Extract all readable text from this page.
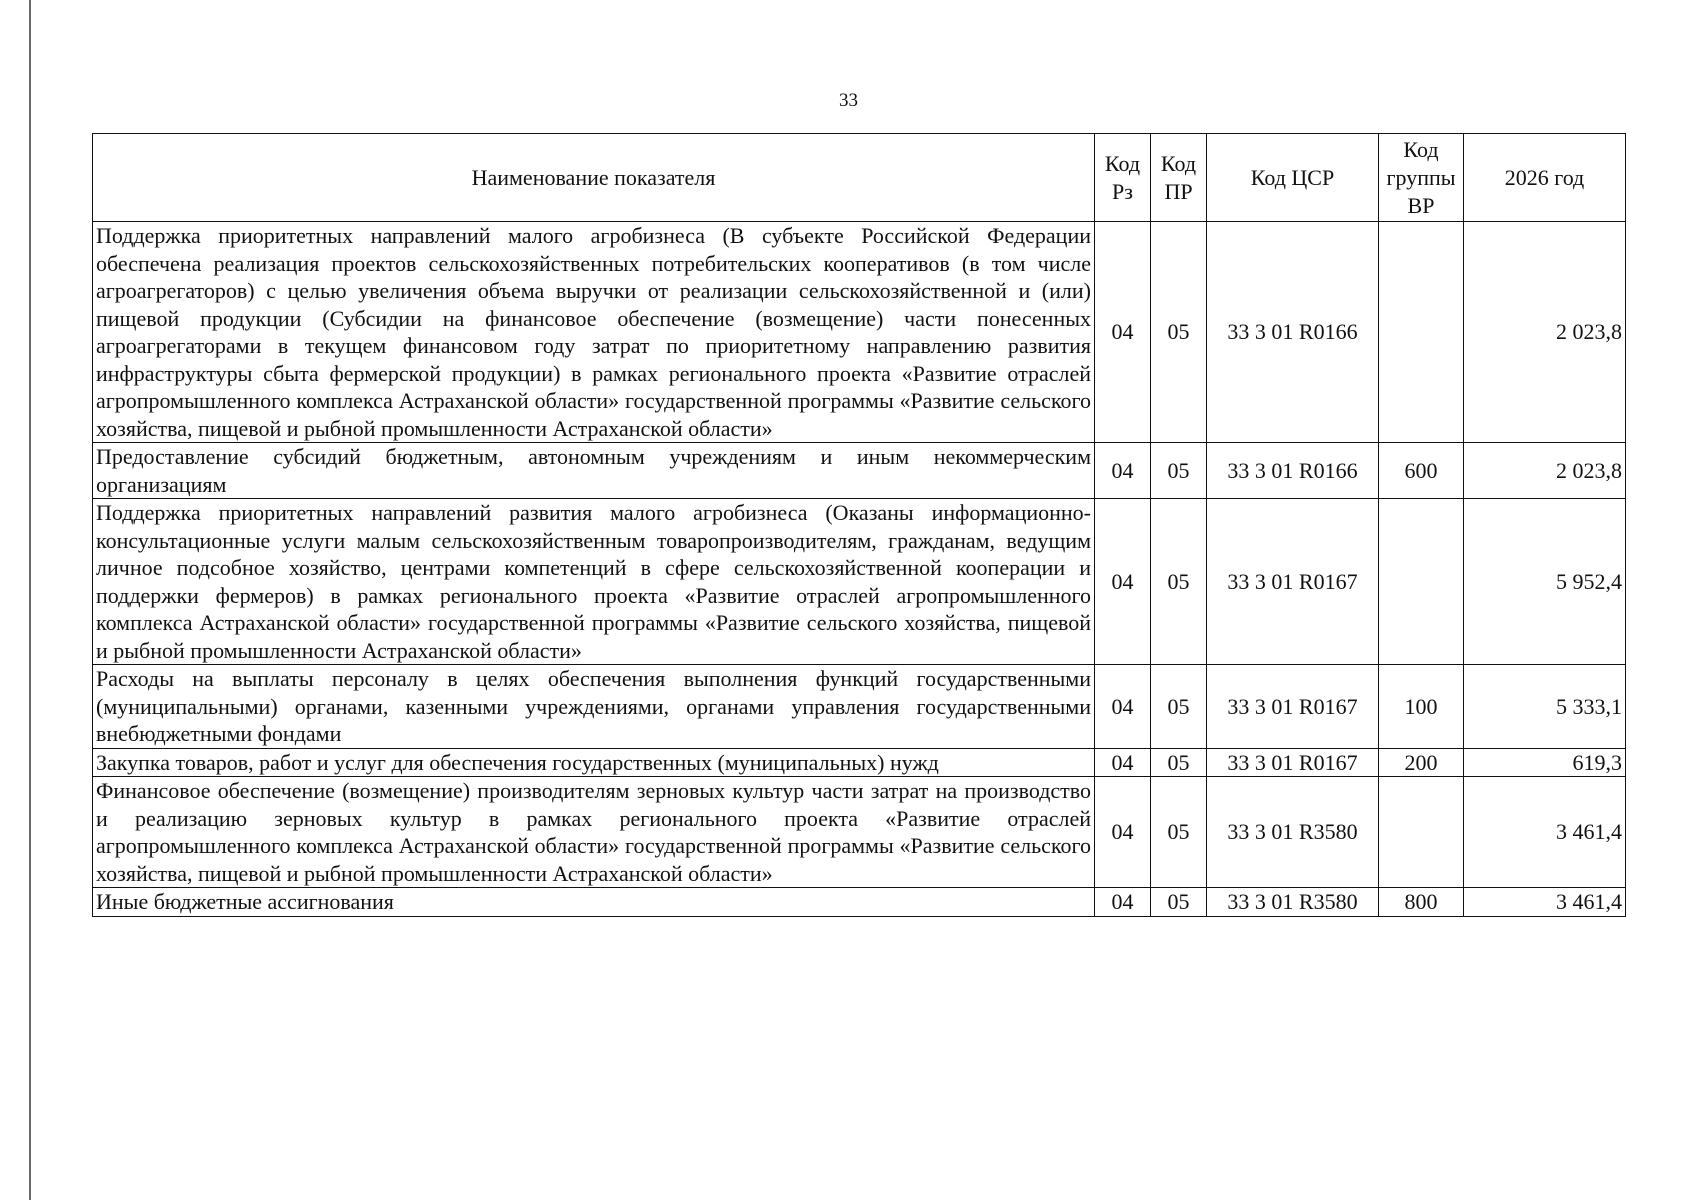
33
Наименование показателя	Код Рз	Код ПР	Код ЦСР	Код группы ВР	2026 год
Поддержка приоритетных направлений малого агробизнеса (В субъекте Российской Федерации обеспечена реализация проектов сельскохозяйственных потребительских кооперативов (в том числе агроагрегаторов) с целью увеличения объема выручки от реализации сельскохозяйственной и (или) пищевой продукции (Субсидии на финансовое обеспечение (возмещение) части понесенных агроагрегаторами в текущем финансовом году затрат по приоритетному направлению развития инфраструктуры сбыта фермерской продукции) в рамках регионального проекта «Развитие отраслей агропромышленного комплекса Астраханской области» государственной программы «Развитие сельского хозяйства, пищевой и рыбной промышленности Астраханской области»	04	05	33 3 01 R0166		2 023,8
Предоставление субсидий бюджетным, автономным учреждениям и иным некоммерческим организациям	04	05	33 3 01 R0166	600	2 023,8
Поддержка приоритетных направлений развития малого агробизнеса (Оказаны информационно-консультационные услуги малым сельскохозяйственным товаропроизводителям, гражданам, ведущим личное подсобное хозяйство, центрами компетенций в сфере сельскохозяйственной кооперации и поддержки фермеров) в рамках регионального проекта «Развитие отраслей агропромышленного комплекса Астраханской области» государственной программы «Развитие сельского хозяйства, пищевой и рыбной промышленности Астраханской области»	04	05	33 3 01 R0167		5 952,4
Расходы на выплаты персоналу в целях обеспечения выполнения функций государственными (муниципальными) органами, казенными учреждениями, органами управления государственными внебюджетными фондами	04	05	33 3 01 R0167	100	5 333,1
Закупка товаров, работ и услуг для обеспечения государственных (муниципальных) нужд	04	05	33 3 01 R0167	200	619,3
Финансовое обеспечение (возмещение) производителям зерновых культур части затрат на производство и реализацию зерновых культур в рамках регионального проекта «Развитие отраслей агропромышленного комплекса Астраханской области» государственной программы «Развитие сельского хозяйства, пищевой и рыбной промышленности Астраханской области»	04	05	33 3 01 R3580		3 461,4
Иные бюджетные ассигнования	04	05	33 3 01 R3580	800	3 461,4
